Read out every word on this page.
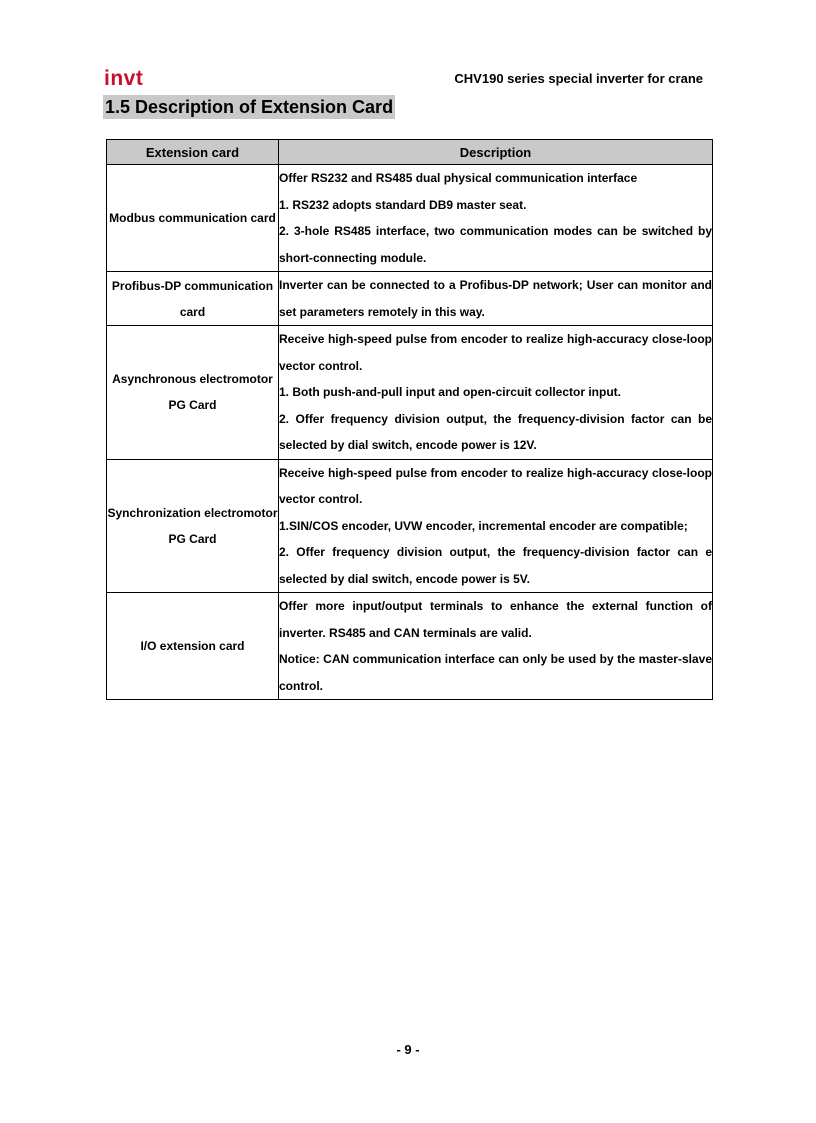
invt	CHV190 series special inverter for crane
1.5 Description of Extension Card
Extension card	Description
Modbus communication card	Offer RS232 and RS485 dual physical communication interface
1. RS232 adopts standard DB9 master seat.
2. 3-hole RS485 interface, two communication modes can be switched by short-connecting module.

Profibus-DP communication card	Inverter can be connected to a Profibus-DP network; User can monitor and set parameters remotely in this way.

Asynchronous electromotor PG Card	Receive high-speed pulse from encoder to realize high-accuracy close-loop vector control.
1. Both push-and-pull input and open-circuit collector input.
2. Offer frequency division output, the frequency-division factor can be selected by dial switch, encode power is 12V.

Synchronization electromotor PG Card	Receive high-speed pulse from encoder to realize high-accuracy close-loop vector control.
1.SIN/COS encoder, UVW encoder, incremental encoder are compatible;
2. Offer frequency division output, the frequency-division factor can e selected by dial switch, encode power is 5V.

I/O extension card	Offer more input/output terminals to enhance the external function of inverter. RS485 and CAN terminals are valid.
Notice: CAN communication interface can only be used by the master-slave control.
- 9 -
